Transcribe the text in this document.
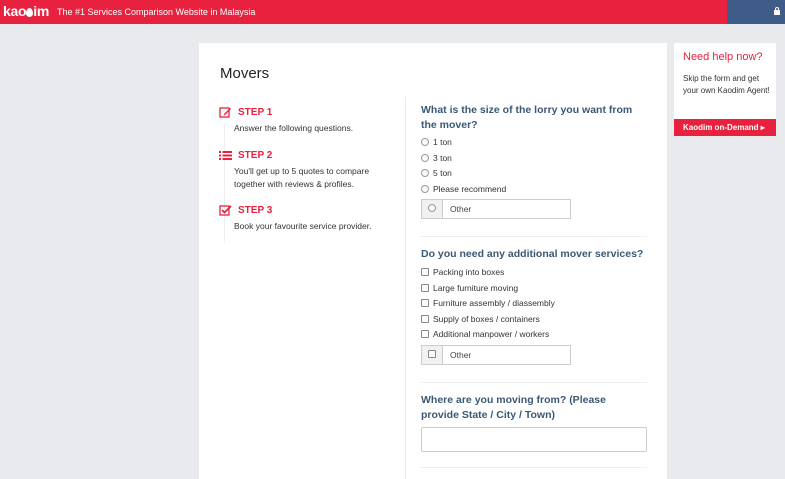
kao im The #1 Services Comparison Website in Malaysia
Movers
STEP 1
Answer the following questions.
STEP 2
You'll get up to 5 quotes to compare together with reviews & profiles.
STEP 3
Book your favourite service provider.
What is the size of the lorry you want from the mover?
1 ton
3 ton
5 ton
Please recommend
Other
Do you need any additional mover services?
Packing into boxes
Large furniture moving
Furniture assembly / diassembly
Supply of boxes / containers
Additional manpower / workers
Other
Where are you moving from? (Please provide State / City / Town)
Need help now?
Skip the form and get your own Kaodim Agent!
Kaodim on-Demand ▸
